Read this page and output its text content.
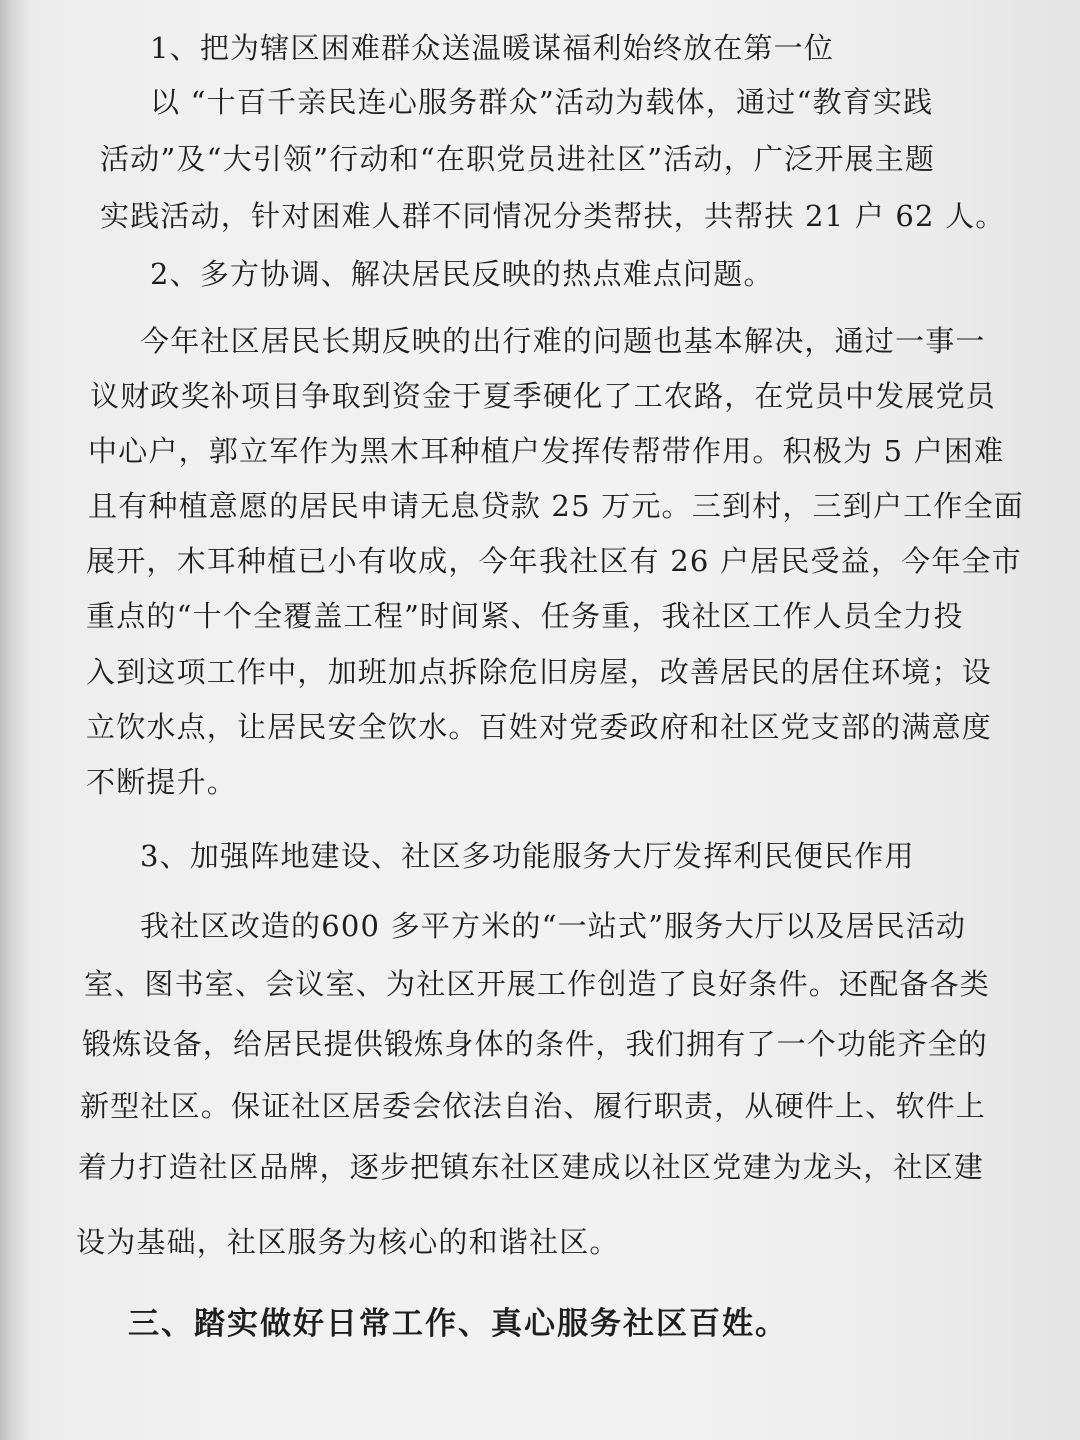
1、把为辖区困难群众送温暖谋福利始终放在第一位
以 “十百千亲民连心服务群众”活动为载体，通过“教育实践
活动”及“大引领”行动和“在职党员进社区”活动，广泛开展主题
实践活动，针对困难人群不同情况分类帮扶，共帮扶 21 户 62 人。
2、多方协调、解决居民反映的热点难点问题。
今年社区居民长期反映的出行难的问题也基本解决，通过一事一
议财政奖补项目争取到资金于夏季硬化了工农路，在党员中发展党员
中心户，郭立军作为黑木耳种植户发挥传帮带作用。积极为 5 户困难
且有种植意愿的居民申请无息贷款 25 万元。三到村，三到户工作全面
展开，木耳种植已小有收成，今年我社区有 26 户居民受益，今年全市
重点的“十个全覆盖工程”时间紧、任务重，我社区工作人员全力投
入到这项工作中，加班加点拆除危旧房屋，改善居民的居住环境；设
立饮水点，让居民安全饮水。百姓对党委政府和社区党支部的满意度
不断提升。
3、加强阵地建设、社区多功能服务大厅发挥利民便民作用
我社区改造的600 多平方米的“一站式”服务大厅以及居民活动
室、图书室、会议室、为社区开展工作创造了良好条件。还配备各类
锻炼设备，给居民提供锻炼身体的条件，我们拥有了一个功能齐全的
新型社区。保证社区居委会依法自治、履行职责，从硬件上、软件上
着力打造社区品牌，逐步把镇东社区建成以社区党建为龙头，社区建
设为基础，社区服务为核心的和谐社区。
三、踏实做好日常工作、真心服务社区百姓。
